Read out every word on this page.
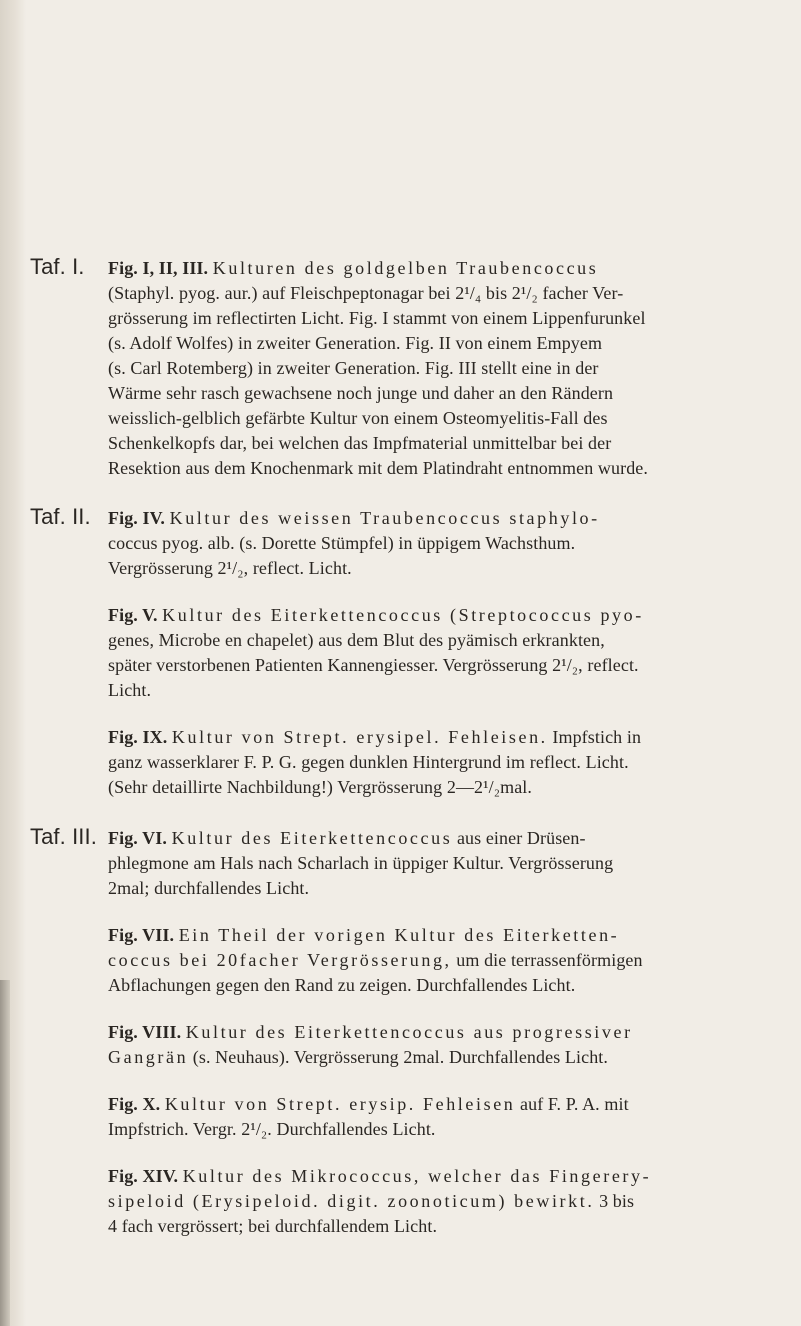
Taf. I. Fig. I, II, III. Kulturen des goldgelben Traubencoccus
(Staphyl. pyog. aur.) auf Fleischpeptonagar bei 2¹/₄ bis 2¹/₂ facher Ver-
grösserung im reflectirten Licht. Fig. I stammt von einem Lippenfurunkel
(s. Adolf Wolfes) in zweiter Generation. Fig. II von einem Empyem
(s. Carl Rotemberg) in zweiter Generation. Fig. III stellt eine in der
Wärme sehr rasch gewachsene noch junge und daher an den Rändern
weisslich-gelblich gefärbte Kultur von einem Osteomyelitis-Fall des
Schenkelkopfs dar, bei welchen das Impfmaterial unmittelbar bei der
Resektion aus dem Knochenmark mit dem Platindraht entnommen wurde.
Taf. II. Fig. IV. Kultur des weissen Traubencoccus staphylo-
coccus pyog. alb. (s. Dorette Stümpfel) in üppigem Wachsthum.
Vergrösserung 2¹/₂, reflect. Licht.
Fig. V. Kultur des Eiterkettencoccus (Streptococcus pyo-
genes, Microbe en chapelet) aus dem Blut des pyämisch erkrankten,
später verstorbenen Patienten Kannengiesser. Vergrösserung 2¹/₂, reflect.
Licht.
Fig. IX. Kultur von Strept. erysipel. Fehleisen. Impfstich in
ganz wasserklarer F. P. G. gegen dunklen Hintergrund im reflect. Licht.
(Sehr detaillirte Nachbildung!) Vergrösserung 2—2¹/₂mal.
Taf. III. Fig. VI. Kultur des Eiterkettencoccus aus einer Drüsen-
phlegmone am Hals nach Scharlach in üppiger Kultur. Vergrösserung
2mal; durchfallendes Licht.
Fig. VII. Ein Theil der vorigen Kultur des Eiterketten-
coccus bei 20facher Vergrösserung, um die terrassenförmigen
Abflachungen gegen den Rand zu zeigen. Durchfallendes Licht.
Fig. VIII. Kultur des Eiterkettencoccus aus progressiver
Gangrän (s. Neuhaus). Vergrösserung 2mal. Durchfallendes Licht.
Fig. X. Kultur von Strept. erysip. Fehleisen auf F. P. A. mit
Impfstrich. Vergr. 2¹/₂. Durchfallendes Licht.
Fig. XIV. Kultur des Mikrococcus, welcher das Fingerery-
sipeloid (Erysipeloid. digit. zoonoticum) bewirkt. 3 bis
4 fach vergrössert; bei durchfallendem Licht.
